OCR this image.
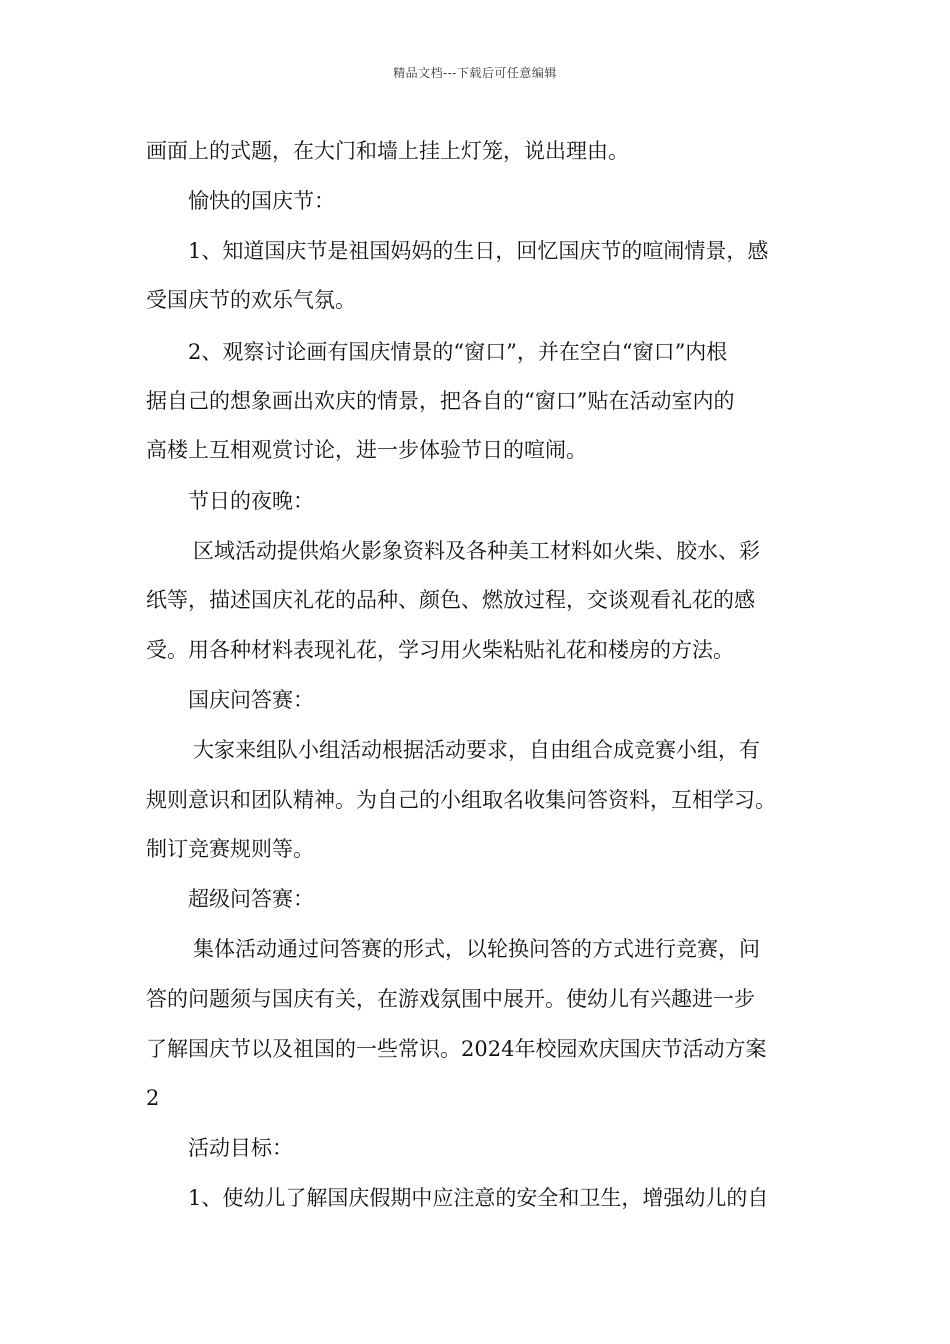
精品文档---下载后可任意编辑
画面上的式题，在大门和墙上挂上灯笼，说出理由。
愉快的国庆节：
1、知道国庆节是祖国妈妈的生日，回忆国庆节的喧闹情景，感
受国庆节的欢乐气氛。
2、观察讨论画有国庆情景的“窗口”，并在空白“窗口”内根
据自己的想象画出欢庆的情景，把各自的“窗口”贴在活动室内的
高楼上互相观赏讨论，进一步体验节日的喧闹。
节日的夜晚：
区域活动提供焰火影象资料及各种美工材料如火柴、胶水、彩
纸等，描述国庆礼花的品种、颜色、燃放过程，交谈观看礼花的感
受。用各种材料表现礼花，学习用火柴粘贴礼花和楼房的方法。
国庆问答赛：
大家来组队小组活动根据活动要求，自由组合成竞赛小组，有
规则意识和团队精神。为自己的小组取名收集问答资料，互相学习。
制订竞赛规则等。
超级问答赛：
集体活动通过问答赛的形式，以轮换问答的方式进行竞赛，问
答的问题须与国庆有关，在游戏氛围中展开。使幼儿有兴趣进一步
了解国庆节以及祖国的一些常识。2024年校园欢庆国庆节活动方案
2
活动目标：
1、使幼儿了解国庆假期中应注意的安全和卫生，增强幼儿的自
